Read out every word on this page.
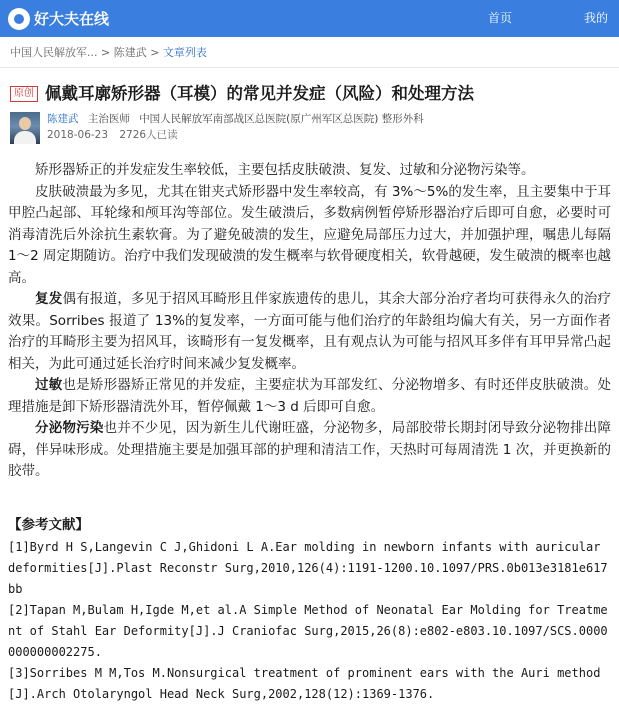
好大夫在线	首页	我的
中国人民解放军... > 陈建武 > 文章列表
原创 佩戴耳廓矫形器（耳模）的常见并发症（风险）和处理方法
陈建武 主治医师 中国人民解放军南部战区总医院(原广州军区总医院) 整形外科
2018-06-23 2726人已读

矫形器矫正的并发症发生率较低，主要包括皮肤破溃、复发、过敏和分泌物污染等。

皮肤破溃最为多见，尤其在钳夹式矫形器中发生率较高，有 3%～5%的发生率，且主要集中于耳甲腔凸起部、耳轮缘和颅耳沟等部位。发生破溃后，多数病例暂停矫形器治疗后即可自愈，必要时可消毒清洗后外涂抗生素软膏。为了避免破溃的发生，应避免局部压力过大，并加强护理，嘱患儿每隔 1～2 周定期随访。治疗中我们发现破溃的发生概率与软骨硬度相关，软骨越硬，发生破溃的概率也越高。

复发偶有报道，多见于招风耳畸形且伴家族遗传的患儿，其余大部分治疗者均可获得永久的治疗效果。Sorribes 报道了 13%的复发率，一方面可能与他们治疗的年龄组均偏大有关，另一方面作者治疗的耳畸形主要为招风耳，该畸形有一复发概率，且有观点认为可能与招风耳多伴有耳甲异常凸起相关，为此可通过延长治疗时间来减少复发概率。

过敏也是矫形器矫正常见的并发症，主要症状为耳部发红、分泌物增多、有时还伴皮肤破溃。处理措施是卸下矫形器清洗外耳，暂停佩戴 1～3 d 后即可自愈。

分泌物污染也并不少见，因为新生儿代谢旺盛，分泌物多，局部胶带长期封闭导致分泌物排出障碍，伴异味形成。处理措施主要是加强耳部的护理和清洁工作，天热时可每周清洗 1 次，并更换新的胶带。

【参考文献】
[1]Byrd H S,Langevin C J,Ghidoni L A.Ear molding in newborn infants with auricular deformities[J].Plast Reconstr Surg,2010,126(4):1191-1200.10.1097/PRS.0b013e3181e617bb
[2]Tapan M,Bulam H,Igde M,et al.A Simple Method of Neonatal Ear Molding for Treatment of Stahl Ear Deformity[J].J Craniofac Surg,2015,26(8):e802-e803.10.1097/SCS.0000000000002275.
[3]Sorribes M M,Tos M.Nonsurgical treatment of prominent ears with the Auri method[J].Arch Otolaryngol Head Neck Surg,2002,128(12):1369-1376.
